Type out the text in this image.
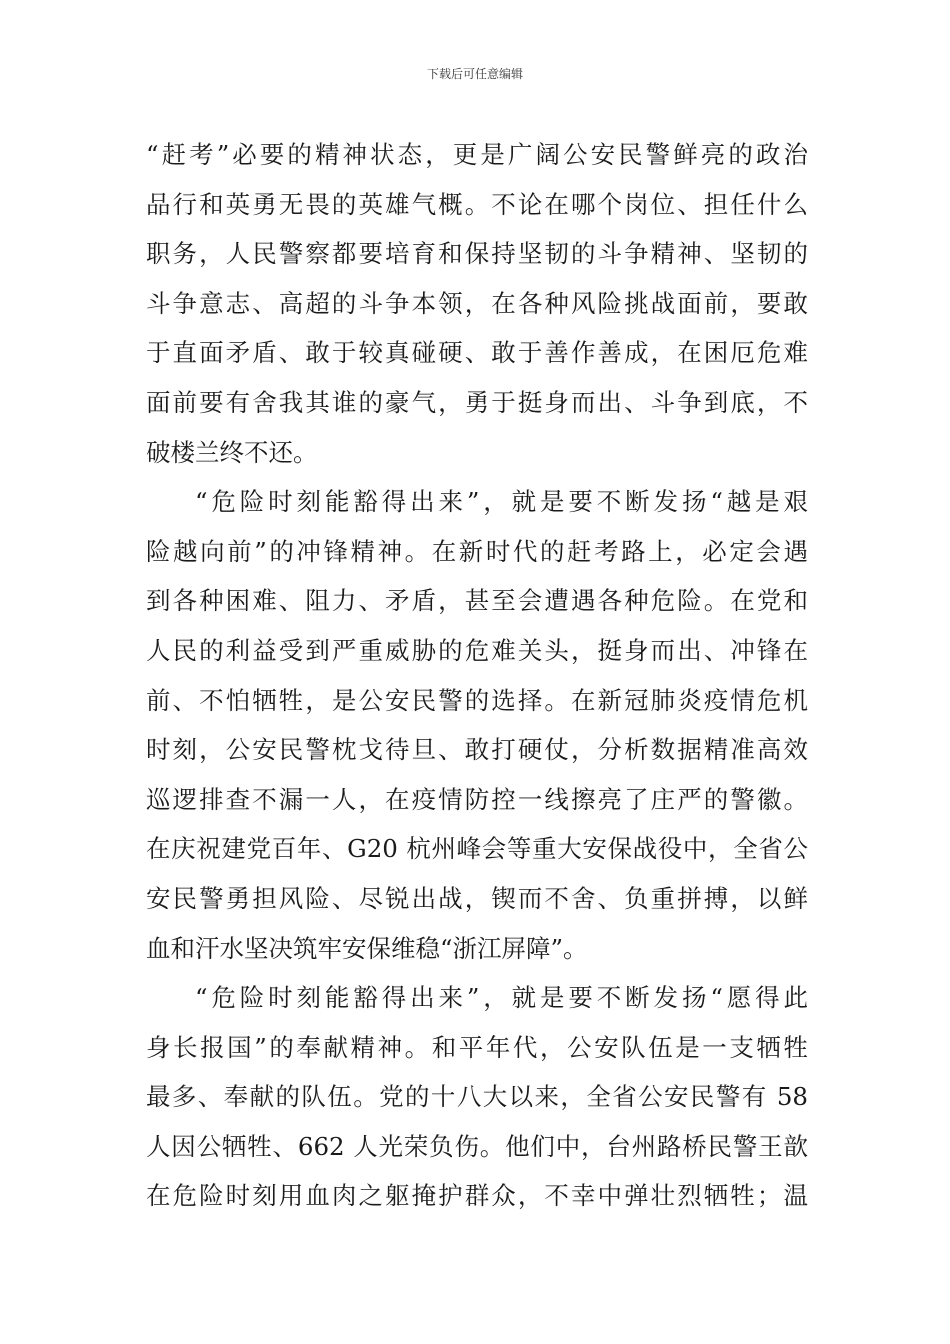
下载后可任意编辑
“赶考”必要的精神状态，更是广阔公安民警鲜亮的政治
品行和英勇无畏的英雄气概。不论在哪个岗位、担任什么
职务，人民警察都要培育和保持坚韧的斗争精神、坚韧的
斗争意志、高超的斗争本领，在各种风险挑战面前，要敢
于直面矛盾、敢于较真碰硬、敢于善作善成，在困厄危难
面前要有舍我其谁的豪气，勇于挺身而出、斗争到底，不
破楼兰终不还。
“危险时刻能豁得出来”，就是要不断发扬“越是艰
险越向前”的冲锋精神。在新时代的赶考路上，必定会遇
到各种困难、阻力、矛盾，甚至会遭遇各种危险。在党和
人民的利益受到严重威胁的危难关头，挺身而出、冲锋在
前、不怕牺牲，是公安民警的选择。在新冠肺炎疫情危机
时刻，公安民警枕戈待旦、敢打硬仗，分析数据精准高效
巡逻排查不漏一人，在疫情防控一线擦亮了庄严的警徽。
在庆祝建党百年、G20 杭州峰会等重大安保战役中，全省公
安民警勇担风险、尽锐出战，锲而不舍、负重拼搏，以鲜
血和汗水坚决筑牢安保维稳“浙江屏障”。
“危险时刻能豁得出来”，就是要不断发扬“愿得此
身长报国”的奉献精神。和平年代，公安队伍是一支牺牲
最多、奉献的队伍。党的十八大以来，全省公安民警有 58
人因公牺牲、662 人光荣负伤。他们中，台州路桥民警王歆
在危险时刻用血肉之躯掩护群众，不幸中弹壮烈牺牲；温
